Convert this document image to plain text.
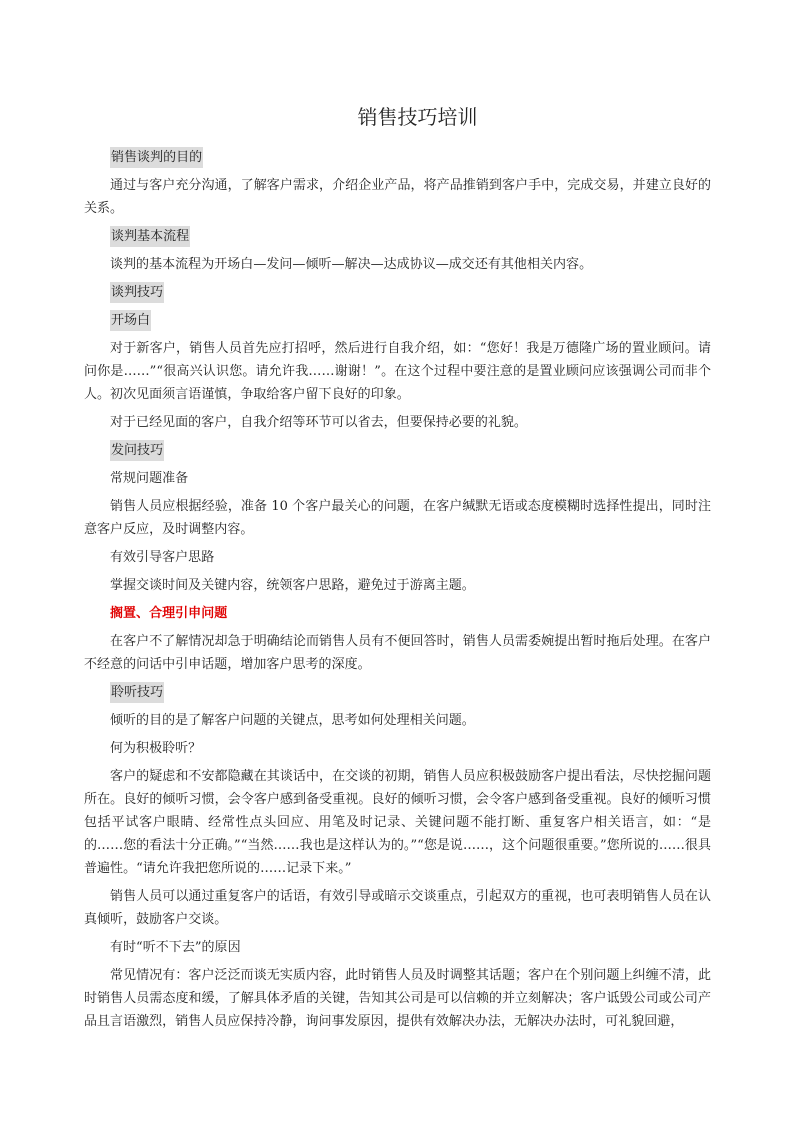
销售技巧培训
销售谈判的目的
通过与客户充分沟通，了解客户需求，介绍企业产品，将产品推销到客户手中，完成交易，并建立良好的关系。
谈判基本流程
谈判的基本流程为开场白—发问—倾听—解决—达成协议—成交还有其他相关内容。
谈判技巧
开场白
对于新客户，销售人员首先应打招呼，然后进行自我介绍，如：“您好！我是万德隆广场的置业顾问。请问你是……”“很高兴认识您。请允许我……谢谢！”。在这个过程中要注意的是置业顾问应该强调公司而非个人。初次见面须言语谨慎，争取给客户留下良好的印象。
对于已经见面的客户，自我介绍等环节可以省去，但要保持必要的礼貌。
发问技巧
常规问题准备
销售人员应根据经验，准备 10 个客户最关心的问题，在客户缄默无语或态度模糊时选择性提出，同时注意客户反应，及时调整内容。
有效引导客户思路
掌握交谈时间及关键内容，统领客户思路，避免过于游离主题。
搁置、合理引申问题
在客户不了解情况却急于明确结论而销售人员有不便回答时，销售人员需委婉提出暂时拖后处理。在客户不经意的问话中引申话题，增加客户思考的深度。
聆听技巧
倾听的目的是了解客户问题的关键点，思考如何处理相关问题。
何为积极聆听？
客户的疑虑和不安都隐藏在其谈话中，在交谈的初期，销售人员应积极鼓励客户提出看法，尽快挖掘问题所在。良好的倾听习惯，会令客户感到备受重视。良好的倾听习惯，会令客户感到备受重视。良好的倾听习惯包括平试客户眼睛、经常性点头回应、用笔及时记录、关键问题不能打断、重复客户相关语言，如：“是的……您的看法十分正确。”“当然……我也是这样认为的。”“您是说……，这个问题很重要。”您所说的……很具普遍性。“请允许我把您所说的……记录下来。”
销售人员可以通过重复客户的话语，有效引导或暗示交谈重点，引起双方的重视，也可表明销售人员在认真倾听，鼓励客户交谈。
有时“听不下去”的原因
常见情况有：客户泛泛而谈无实质内容，此时销售人员及时调整其话题；客户在个别问题上纠缠不清，此时销售人员需态度和缓，了解具体矛盾的关键，告知其公司是可以信赖的并立刻解决；客户诋毁公司或公司产品且言语激烈，销售人员应保持冷静，询问事发原因，提供有效解决办法，无解决办法时，可礼貌回避，
